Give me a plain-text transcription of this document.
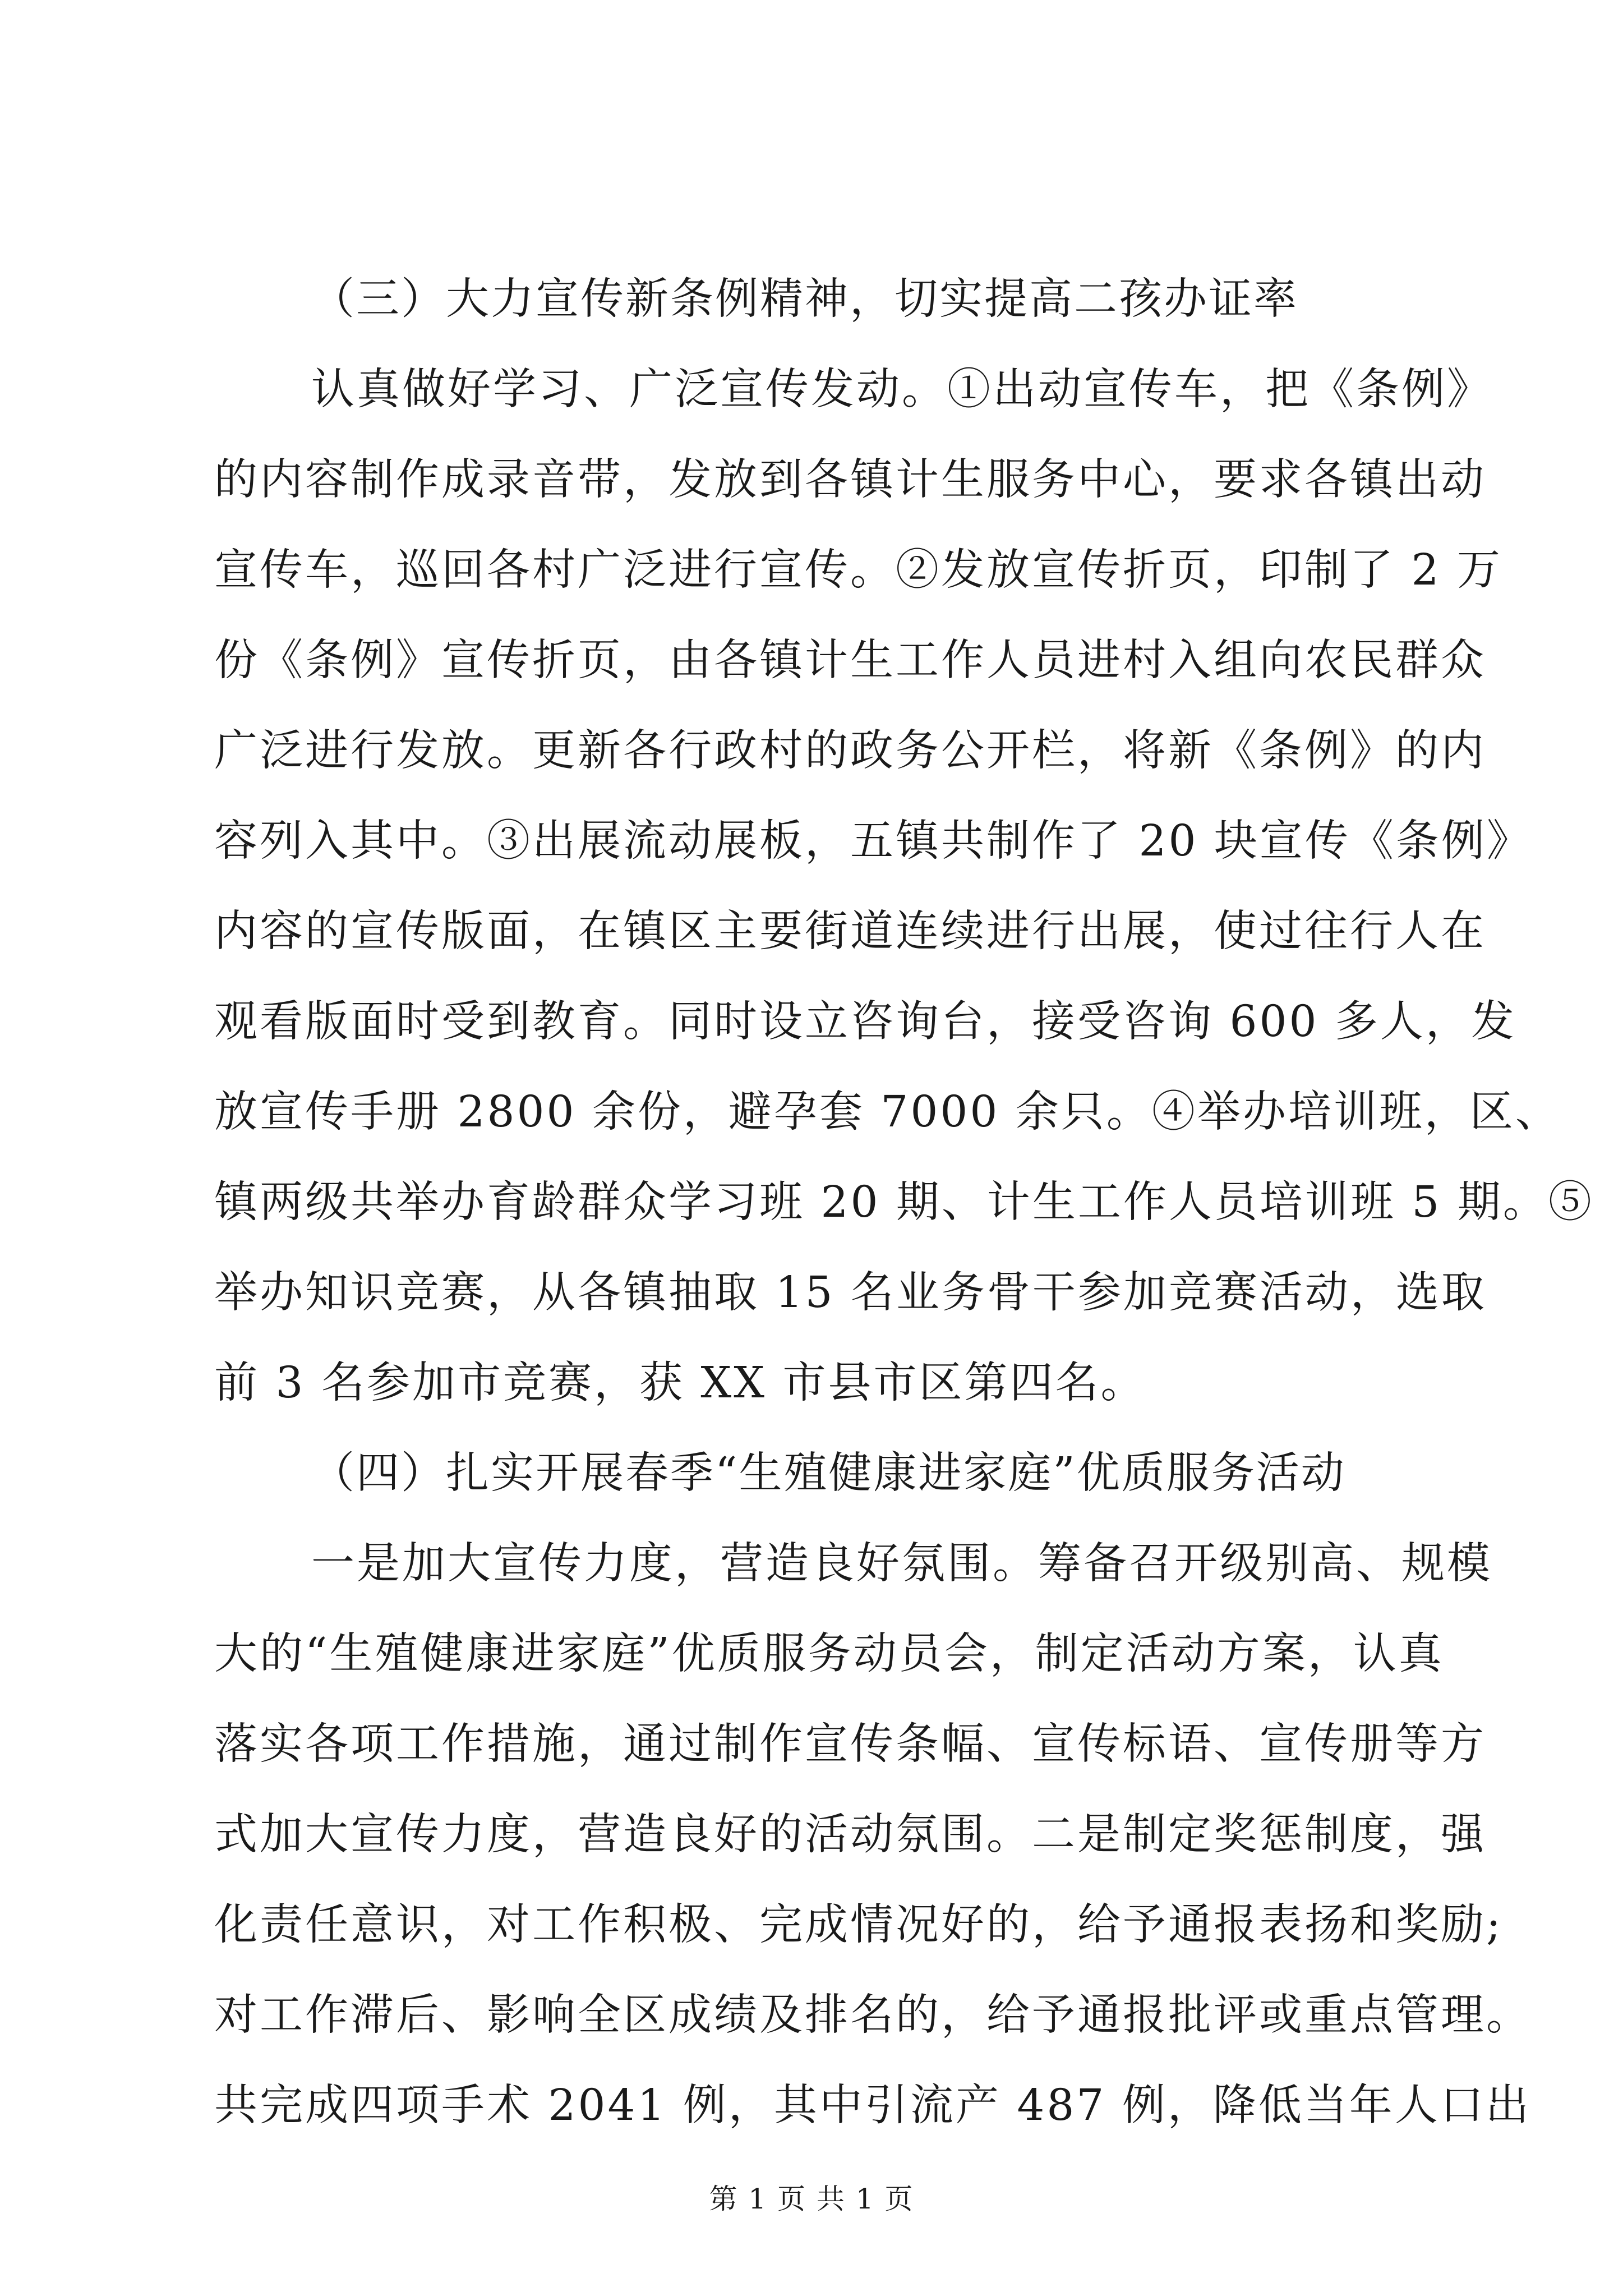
（三）大力宣传新条例精神，切实提高二孩办证率
认真做好学习、广泛宣传发动。①出动宣传车，把《条例》
的内容制作成录音带，发放到各镇计生服务中心，要求各镇出动
宣传车，巡回各村广泛进行宣传。②发放宣传折页，印制了 2 万
份《条例》宣传折页，由各镇计生工作人员进村入组向农民群众
广泛进行发放。更新各行政村的政务公开栏，将新《条例》的内
容列入其中。③出展流动展板，五镇共制作了 20 块宣传《条例》
内容的宣传版面，在镇区主要街道连续进行出展，使过往行人在
观看版面时受到教育。同时设立咨询台，接受咨询 600 多人，发
放宣传手册 2800 余份，避孕套 7000 余只。④举办培训班，区、
镇两级共举办育龄群众学习班 20 期、计生工作人员培训班 5 期。⑤
举办知识竞赛，从各镇抽取 15 名业务骨干参加竞赛活动，选取
前 3 名参加市竞赛，获 XX 市县市区第四名。
（四）扎实开展春季“生殖健康进家庭”优质服务活动
一是加大宣传力度，营造良好氛围。筹备召开级别高、规模
大的“生殖健康进家庭”优质服务动员会，制定活动方案，认真
落实各项工作措施，通过制作宣传条幅、宣传标语、宣传册等方
式加大宣传力度，营造良好的活动氛围。二是制定奖惩制度，强
化责任意识，对工作积极、完成情况好的，给予通报表扬和奖励;
对工作滞后、影响全区成绩及排名的，给予通报批评或重点管理。
共完成四项手术 2041 例，其中引流产 487 例，降低当年人口出
第 1 页 共 1 页
